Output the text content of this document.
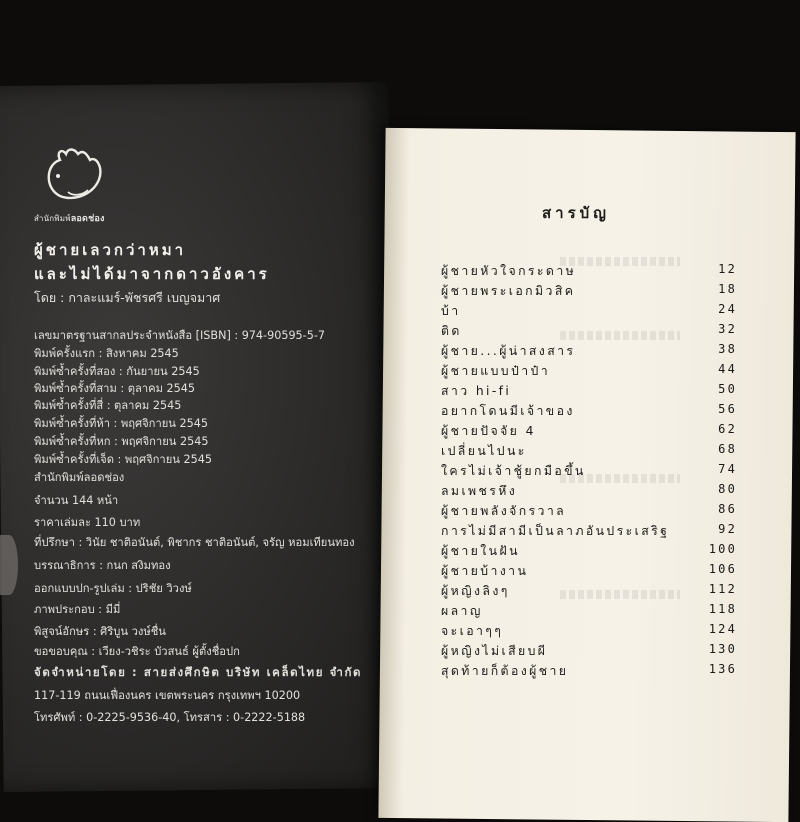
สำนักพิมพ์ลอดช่อง
ผู้ชายเลวกว่าหมา
และไม่ได้มาจากดาวอังคาร
โดย : กาละแมร์-พัชรศรี เบญจมาศ
เลขมาตรฐานสากลประจำหนังสือ [ISBN] : 974-90595-5-7
พิมพ์ครั้งแรก : สิงหาคม 2545
พิมพ์ซ้ำครั้งที่สอง : กันยายน 2545
พิมพ์ซ้ำครั้งที่สาม : ตุลาคม 2545
พิมพ์ซ้ำครั้งที่สี่ : ตุลาคม 2545
พิมพ์ซ้ำครั้งที่ห้า : พฤศจิกายน 2545
พิมพ์ซ้ำครั้งที่หก : พฤศจิกายน 2545
พิมพ์ซ้ำครั้งที่เจ็ด : พฤศจิกายน 2545
สำนักพิมพ์ลอดช่อง
จำนวน 144 หน้า
ราคาเล่มละ 110 บาท
ที่ปรึกษา : วินัย ชาติอนันต์, พิชากร ชาติอนันต์, จรัญ หอมเทียนทอง
บรรณาธิการ : กนก สงิมทอง
ออกแบบปก-รูปเล่ม : ปริชัย วิวงษ์
ภาพประกอบ : มีมี่
พิสูจน์อักษร : ศิริบูน วงษ์ชื่น
ขอขอบคุณ : เวียง-วชิระ บัวสนธ์ ผู้ตั้งชื่อปก
จัดจำหน่ายโดย : สายส่งศึกษิต บริษัท เคล็ดไทย จำกัด
117-119 ถนนเฟื่องนคร เขตพระนคร กรุงเทพฯ 10200
โทรศัพท์ : 0-2225-9536-40, โทรสาร : 0-2222-5188
สารบัญ
ผู้ชายหัวใจกระดาษ	12
ผู้ชายพระเอกมิวสิค	18
บ้า	24
ติด	32
ผู้ชาย...ผู้น่าสงสาร	38
ผู้ชายแบบป๋าป๋า	44
สาว hi-fi	50
อยากโดนมีเจ้าของ	56
ผู้ชายปัจจัย 4	62
เปลี่ยนไปนะ	68
ใครไม่เจ้าชู้ยกมือขึ้น	74
ลมเพชรหึง	80
ผู้ชายพลังจักรวาล	86
การไม่มีสามีเป็นลาภอันประเสริฐ	92
ผู้ชายในฝัน	100
ผู้ชายบ้างาน	106
ผู้หญิงลิงๆ	112
ผลาญ	118
จะเอาๆๆ	124
ผู้หญิงไม่เสียบผี	130
สุดท้ายก็ต้องผู้ชาย	136
